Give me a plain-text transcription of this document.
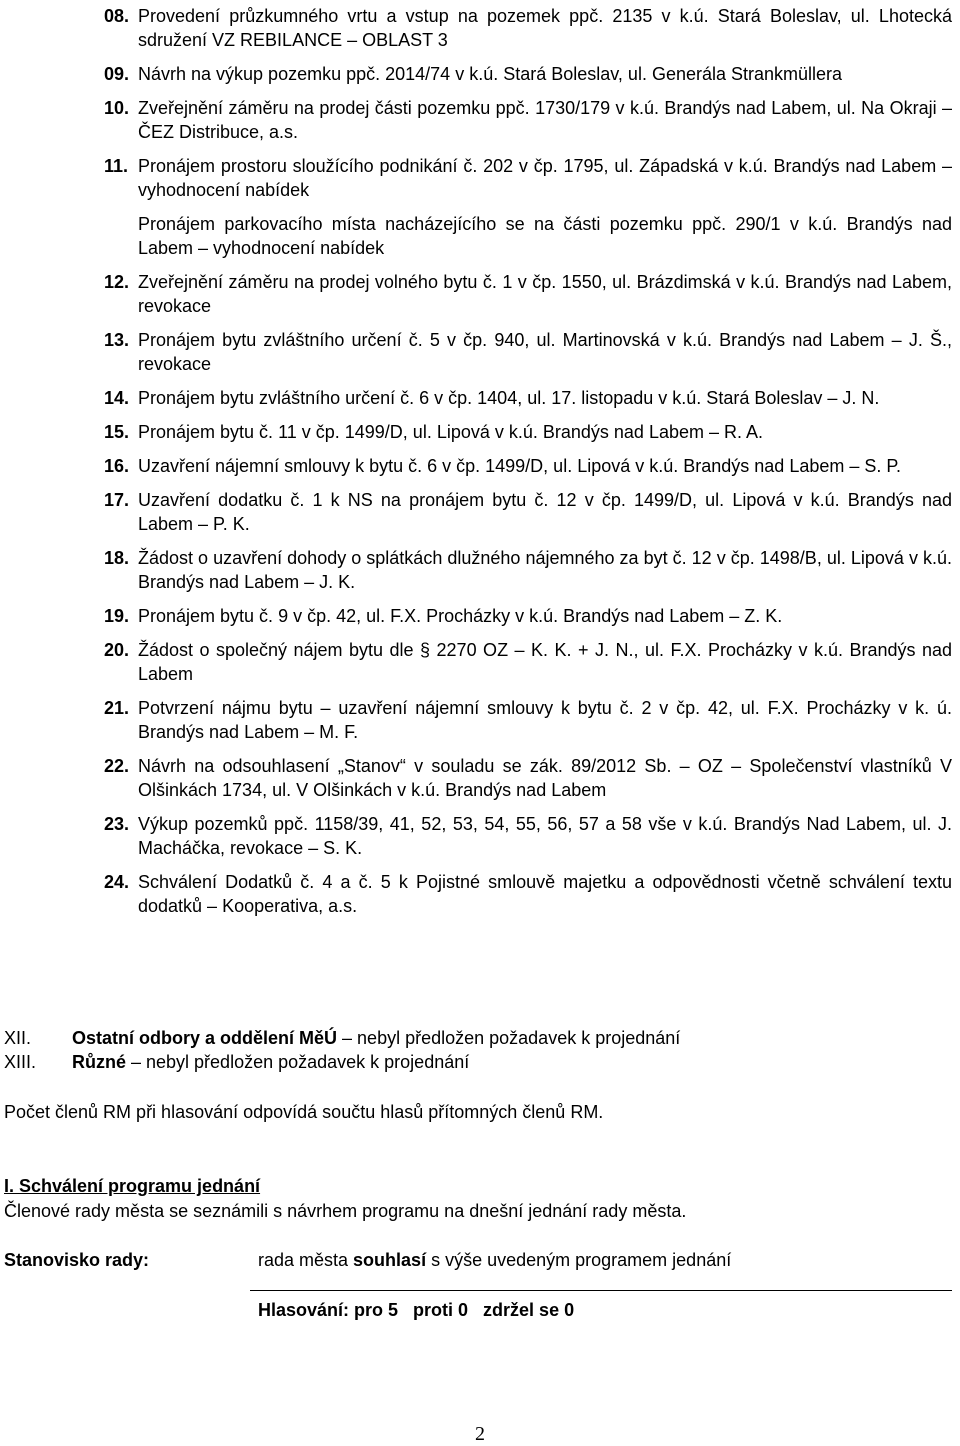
08. Provedení průzkumného vrtu a vstup na pozemek ppč. 2135 v k.ú. Stará Boleslav, ul. Lhotecká sdružení VZ REBILANCE – OBLAST 3
09. Návrh na výkup pozemku ppč. 2014/74 v k.ú. Stará Boleslav, ul. Generála Strankmüllera
10. Zveřejnění záměru na prodej části pozemku ppč. 1730/179 v k.ú. Brandýs nad Labem, ul. Na Okraji – ČEZ Distribuce, a.s.
11. Pronájem prostoru sloužícího podnikání č. 202 v čp. 1795, ul. Západská v k.ú. Brandýs nad Labem – vyhodnocení nabídek
Pronájem parkovacího místa nacházejícího se na části pozemku ppč. 290/1 v k.ú. Brandýs nad Labem – vyhodnocení nabídek
12. Zveřejnění záměru na prodej volného bytu č. 1 v čp. 1550, ul. Brázdimská v k.ú. Brandýs nad Labem, revokace
13. Pronájem bytu zvláštního určení č. 5 v čp. 940, ul. Martinovská v k.ú. Brandýs nad Labem – J. Š., revokace
14. Pronájem bytu zvláštního určení č. 6 v čp. 1404, ul. 17. listopadu v k.ú. Stará Boleslav – J. N.
15. Pronájem bytu č. 11 v čp. 1499/D, ul. Lipová v k.ú. Brandýs nad Labem – R. A.
16. Uzavření nájemní smlouvy k bytu č. 6 v čp. 1499/D, ul. Lipová v k.ú. Brandýs nad Labem – S. P.
17. Uzavření dodatku č. 1 k NS na pronájem bytu č. 12 v čp. 1499/D, ul. Lipová v k.ú. Brandýs nad Labem – P. K.
18. Žádost o uzavření dohody o splátkách dlužného nájemného za byt č. 12 v čp. 1498/B, ul. Lipová v k.ú. Brandýs nad Labem – J. K.
19. Pronájem bytu č. 9 v čp. 42, ul. F.X. Procházky v k.ú. Brandýs nad Labem – Z. K.
20. Žádost o společný nájem bytu dle § 2270 OZ – K. K. + J. N., ul. F.X. Procházky v k.ú. Brandýs nad Labem
21. Potvrzení nájmu bytu – uzavření nájemní smlouvy k bytu č. 2 v čp. 42, ul. F.X. Procházky v k. ú. Brandýs nad Labem – M. F.
22. Návrh na odsouhlasení „Stanov“ v souladu se zák. 89/2012 Sb. – OZ – Společenství vlastníků V Olšinkách 1734, ul. V Olšinkách v k.ú. Brandýs nad Labem
23. Výkup pozemků ppč. 1158/39, 41, 52, 53, 54, 55, 56, 57 a 58 vše v k.ú. Brandýs Nad Labem, ul. J. Macháčka, revokace – S. K.
24. Schválení Dodatků č. 4 a č. 5 k Pojistné smlouvě majetku a odpovědnosti včetně schválení textu dodatků – Kooperativa, a.s.
XII.	Ostatní odbory a oddělení MěÚ – nebyl předložen požadavek k projednání
XIII.	Různé – nebyl předložen požadavek k projednání
Počet členů RM při hlasování odpovídá součtu hlasů přítomných členů RM.
I. Schválení programu jednání
Členové rady města se seznámili s návrhem programu na dnešní jednání rady města.
Stanovisko rady:	rada města souhlasí s výše uvedeným programem jednání
Hlasování: pro 5   proti 0   zdržel se 0
2
